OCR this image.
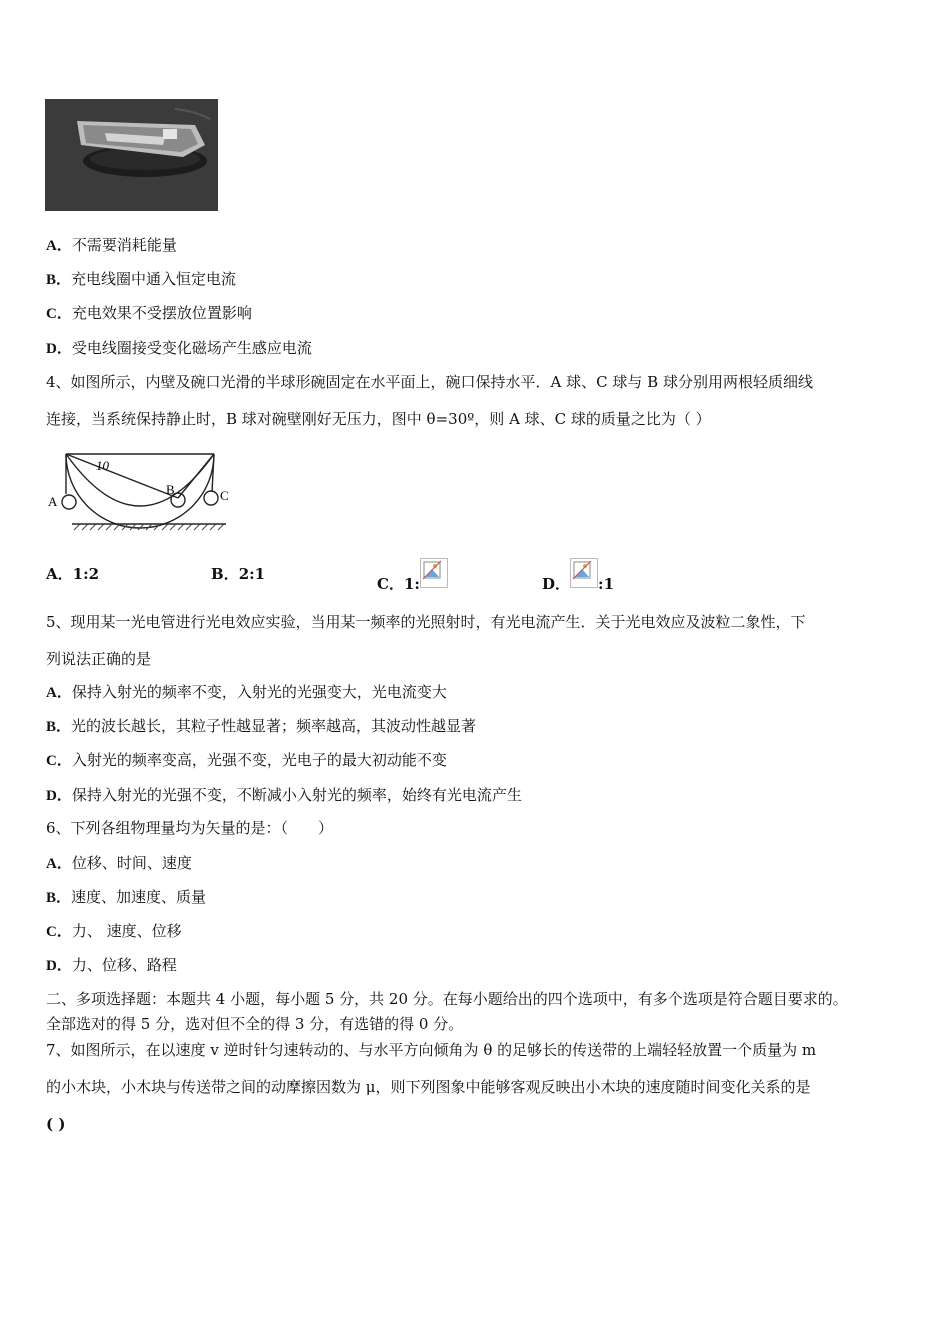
A．不需要消耗能量
B．充电线圈中通入恒定电流
C．充电效果不受摆放位置影响
D．受电线圈接受变化磁场产生感应电流
4、如图所示，内壁及碗口光滑的半球形碗固定在水平面上，碗口保持水平．A 球、C 球与 B 球分别用两根轻质细线
连接，当系统保持静止时，B 球对碗壁刚好无压力，图中 θ=30º，则 A 球、C 球的质量之比为（ ）
A
B	C
10
A．1:2	B．2:1
C．1:	D． :1
5、现用某一光电管进行光电效应实验，当用某一频率的光照射时，有光电流产生．关于光电效应及波粒二象性，下
列说法正确的是
A．保持入射光的频率不变，入射光的光强变大，光电流变大
B．光的波长越长，其粒子性越显著；频率越高，其波动性越显著
C．入射光的频率变高，光强不变，光电子的最大初动能不变
D．保持入射光的光强不变，不断减小入射光的频率，始终有光电流产生
6、下列各组物理量均为矢量的是：（　　）
A．位移、时间、速度
B．速度、加速度、质量
C．力、 速度、位移
D．力、位移、路程
二、多项选择题：本题共 4 小题，每小题 5 分，共 20 分。在每小题给出的四个选项中，有多个选项是符合题目要求的。
全部选对的得 5 分，选对但不全的得 3 分，有选错的得 0 分。
7、如图所示，在以速度 v 逆时针匀速转动的、与水平方向倾角为 θ 的足够长的传送带的上端轻轻放置一个质量为 m
的小木块，小木块与传送带之间的动摩擦因数为 μ，则下列图象中能够客观反映出小木块的速度随时间变化关系的是
( )
